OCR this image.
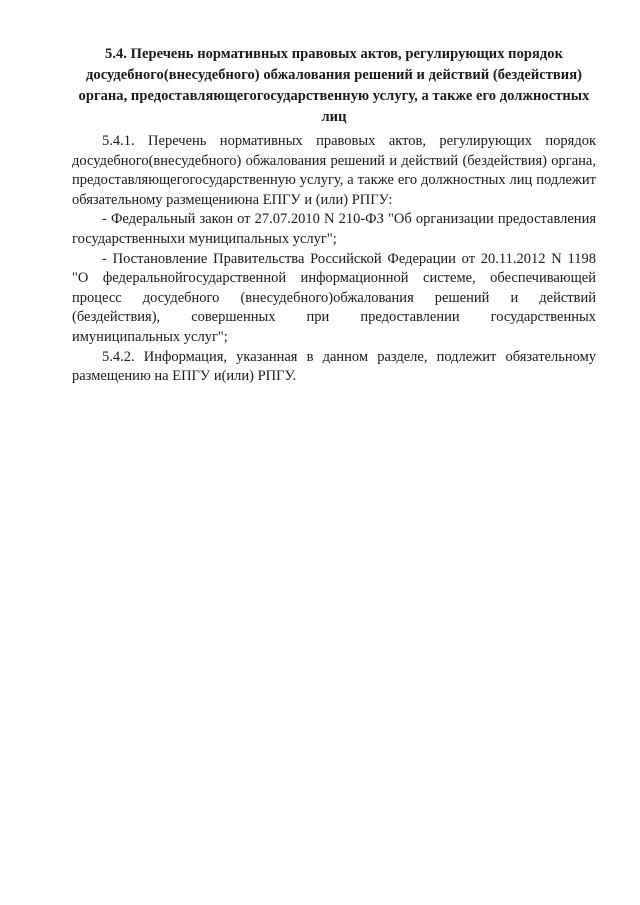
5.4. Перечень нормативных правовых актов, регулирующих порядок досудебного(внесудебного) обжалования решений и действий (бездействия) органа, предоставляющегогосударственную услугу, а также его должностных лиц

5.4.1. Перечень нормативных правовых актов, регулирующих порядок досудебного(внесудебного) обжалования решений и действий (бездействия) органа, предоставляющегогосударственную услугу, а также его должностных лиц подлежит обязательному размещениюна ЕПГУ и (или) РПГУ:

- Федеральный закон от 27.07.2010 N 210-ФЗ "Об организации предоставления государственныхи муниципальных услуг";

- Постановление Правительства Российской Федерации от 20.11.2012 N 1198 "О федеральнойгосударственной информационной системе, обеспечивающей процесс досудебного (внесудебного)обжалования решений и действий (бездействия), совершенных при предоставлении государственных имуниципальных услуг";

5.4.2. Информация, указанная в данном разделе, подлежит обязательному размещению на ЕПГУ и(или) РПГУ.
